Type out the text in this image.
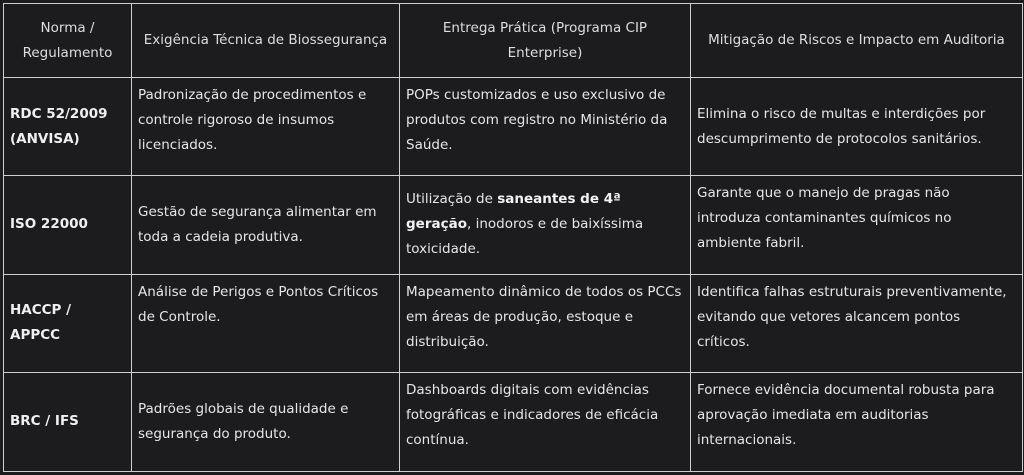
Norma / Regulamento	Exigência Técnica de Biossegurança	Entrega Prática (Programa CIP Enterprise)	Mitigação de Riscos e Impacto em Auditoria
RDC 52/2009 (ANVISA)	Padronização de procedimentos e controle rigoroso de insumos licenciados.	POPs customizados e uso exclusivo de produtos com registro no Ministério da Saúde.	Elimina o risco de multas e interdições por descumprimento de protocolos sanitários.
ISO 22000	Gestão de segurança alimentar em toda a cadeia produtiva.	Utilização de saneantes de 4ª geração, inodoros e de baixíssima toxicidade.	Garante que o manejo de pragas não introduza contaminantes químicos no ambiente fabril.
HACCP / APPCC	Análise de Perigos e Pontos Críticos de Controle.	Mapeamento dinâmico de todos os PCCs em áreas de produção, estoque e distribuição.	Identifica falhas estruturais preventivamente, evitando que vetores alcancem pontos críticos.
BRC / IFS	Padrões globais de qualidade e segurança do produto.	Dashboards digitais com evidências fotográficas e indicadores de eficácia contínua.	Fornece evidência documental robusta para aprovação imediata em auditorias internacionais.
